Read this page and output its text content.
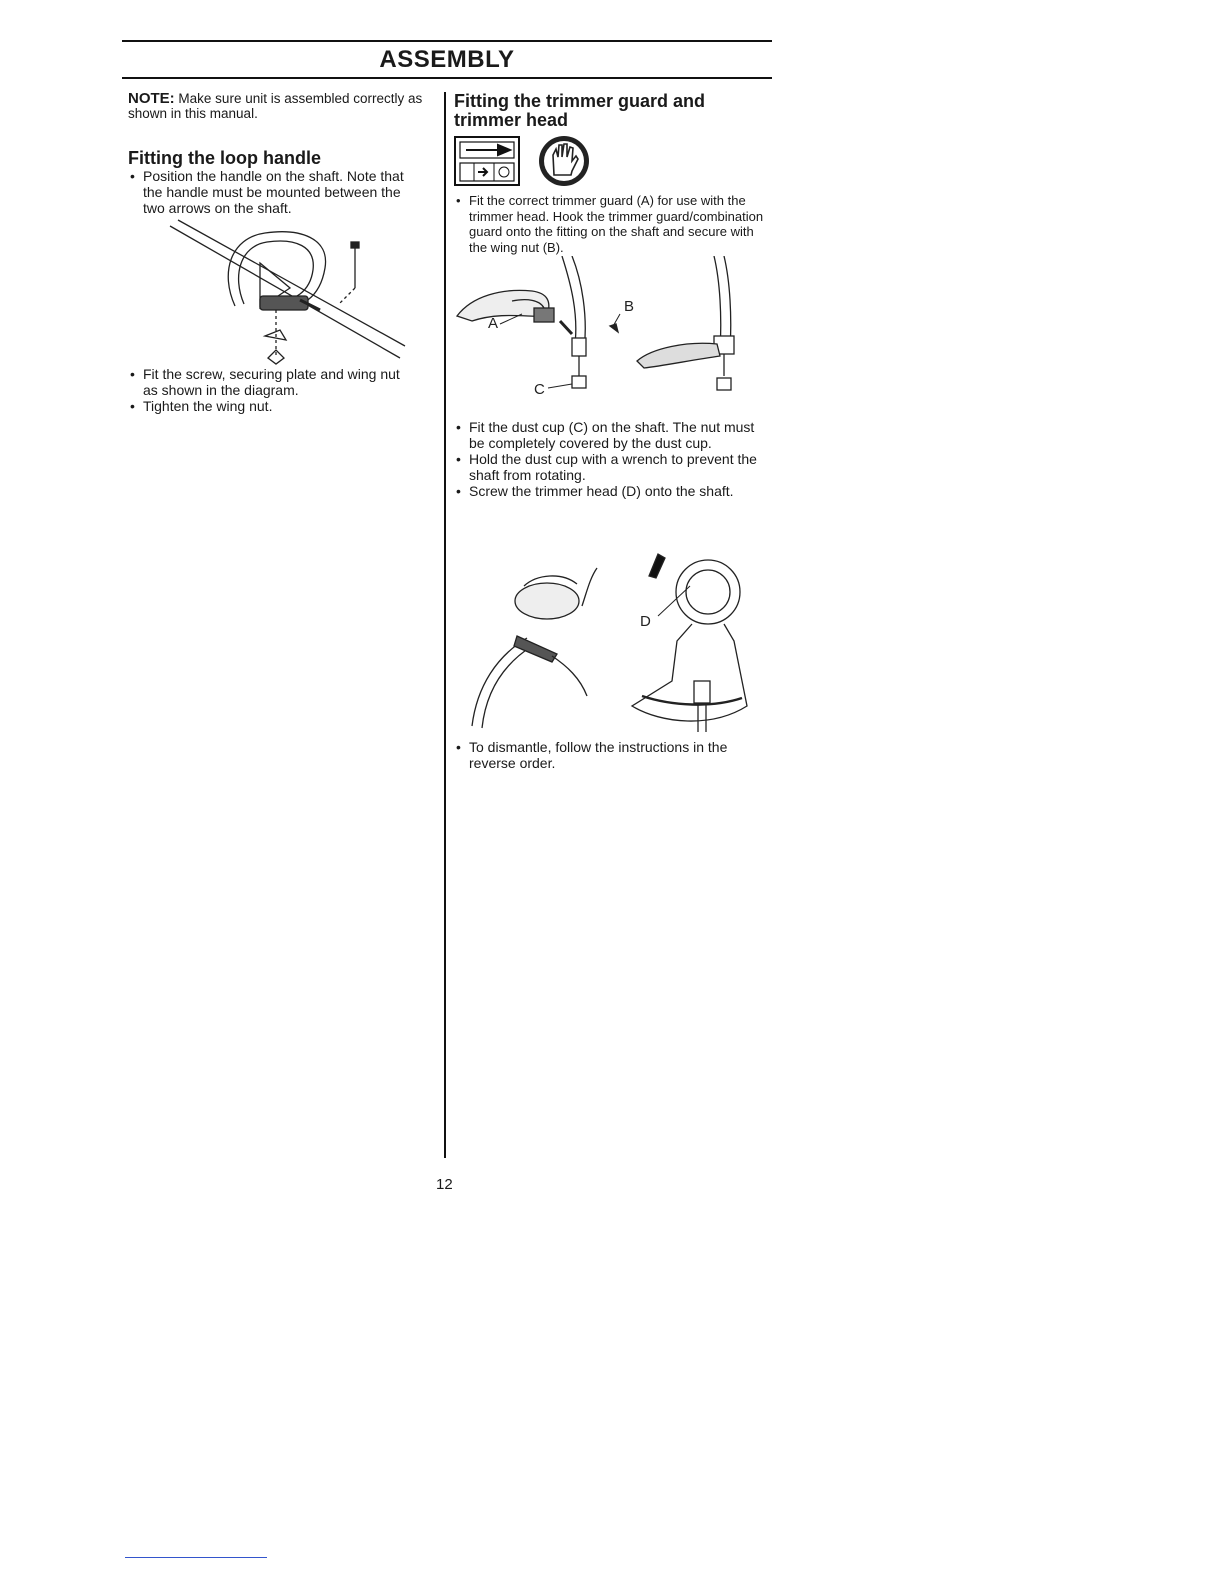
ASSEMBLY
NOTE: Make sure unit is assembled correctly as shown in this manual.
Fitting the loop handle
• Position the handle on the shaft. Note that the handle must be mounted between the two arrows on the shaft.
• Fit the screw, securing plate and wing nut as shown in the diagram.
• Tighten the wing nut.
Fitting the trimmer guard and trimmer head
• Fit the correct trimmer guard (A) for use with the trimmer head. Hook the trimmer guard/combination guard onto the fitting on the shaft and secure with the wing nut (B).
B
A
C
• Fit the dust cup (C) on the shaft. The nut must be completely covered by the dust cup.
• Hold the dust cup with a wrench to prevent the shaft from rotating.
• Screw the trimmer head (D) onto the shaft.
D
• To dismantle, follow the instructions in the reverse order.
12
